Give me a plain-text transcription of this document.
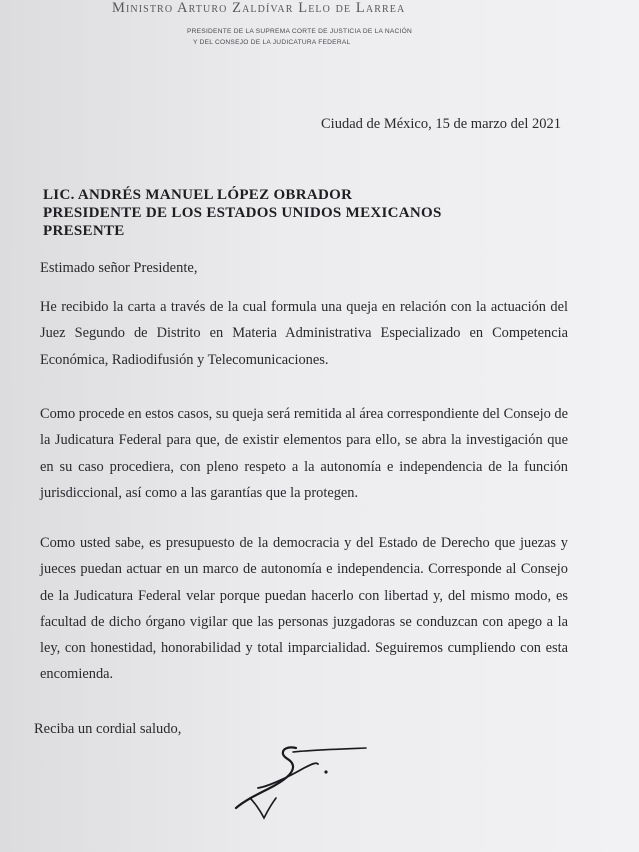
Ministro Arturo Zaldívar Lelo de Larrea
PRESIDENTE DE LA SUPREMA CORTE DE JUSTICIA DE LA NACIÓN
Y DEL CONSEJO DE LA JUDICATURA FEDERAL
Ciudad de México, 15 de marzo del 2021
LIC. ANDRÉS MANUEL LÓPEZ OBRADOR
PRESIDENTE DE LOS ESTADOS UNIDOS MEXICANOS
PRESENTE
Estimado señor Presidente,
He recibido la carta a través de la cual formula una queja en relación con la actuación del Juez Segundo de Distrito en Materia Administrativa Especializado en Competencia Económica, Radiodifusión y Telecomunicaciones.
Como procede en estos casos, su queja será remitida al área correspondiente del Consejo de la Judicatura Federal para que, de existir elementos para ello, se abra la investigación que en su caso procediera, con pleno respeto a la autonomía e independencia de la función jurisdiccional, así como a las garantías que la protegen.
Como usted sabe, es presupuesto de la democracia y del Estado de Derecho que juezas y jueces puedan actuar en un marco de autonomía e independencia. Corresponde al Consejo de la Judicatura Federal velar porque puedan hacerlo con libertad y, del mismo modo, es facultad de dicho órgano vigilar que las personas juzgadoras se conduzcan con apego a la ley, con honestidad, honorabilidad y total imparcialidad. Seguiremos cumpliendo con esta encomienda.
Reciba un cordial saludo,
